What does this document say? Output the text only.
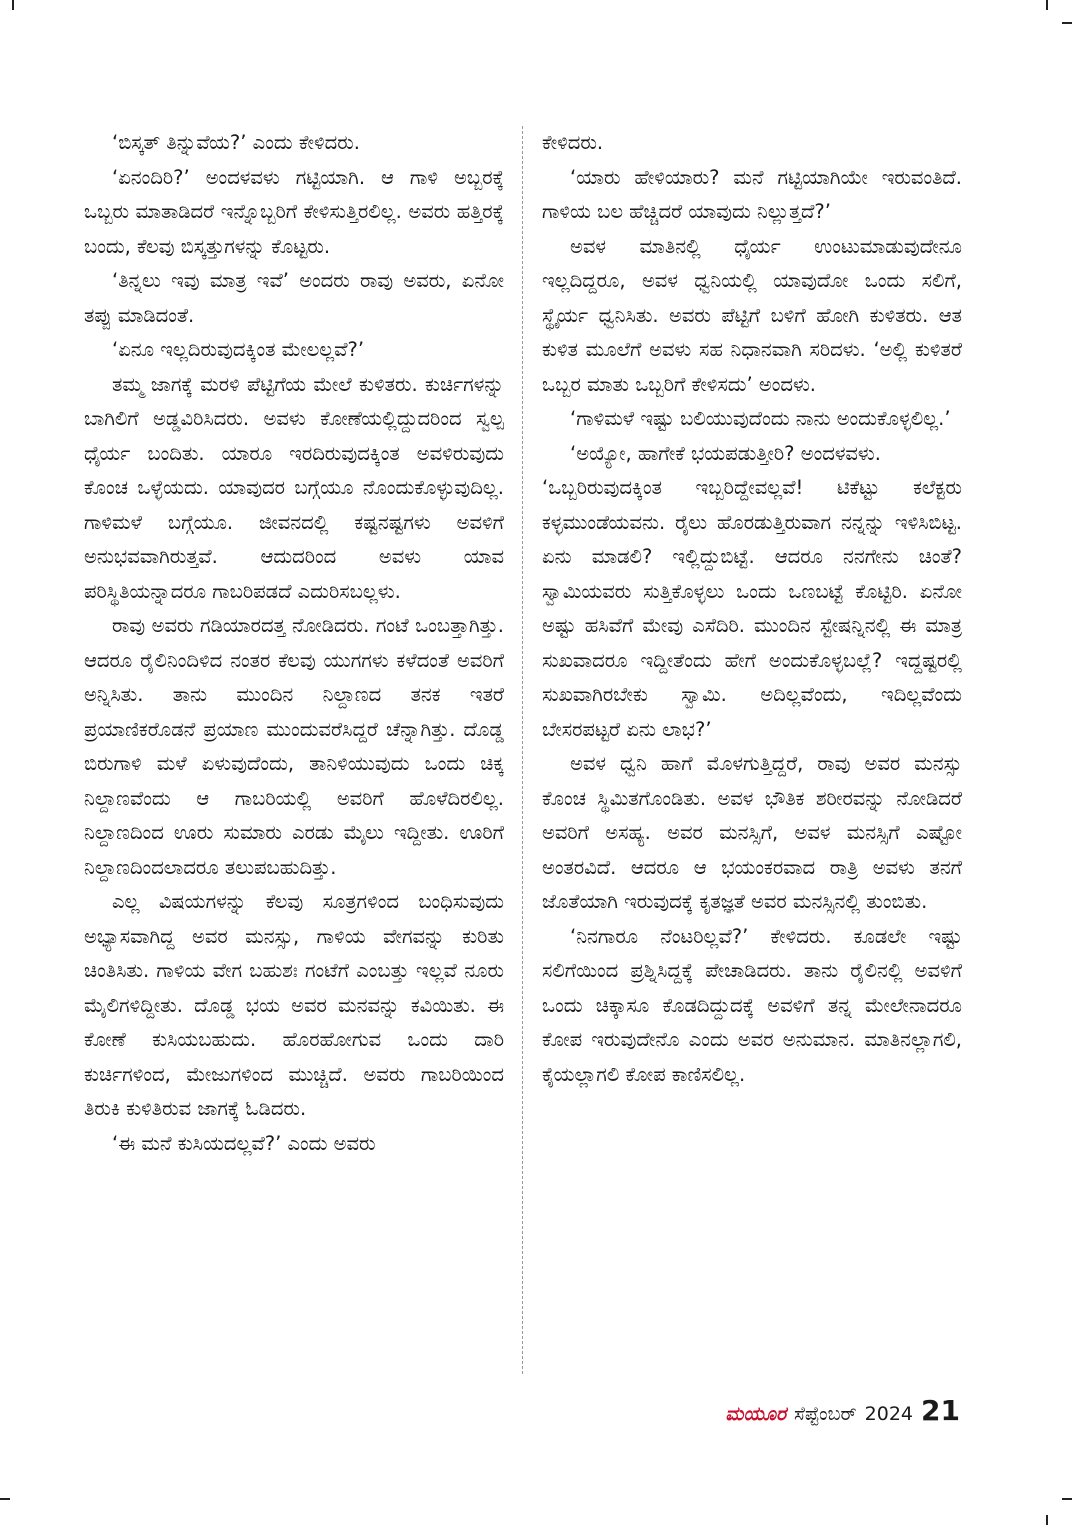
‘ಬಿಸ್ಕತ್ ತಿನ್ನುವೆಯ?’ ಎಂದು ಕೇಳಿದರು.

‘ಏನಂದಿರಿ?’ ಅಂದಳವಳು ಗಟ್ಟಿಯಾಗಿ. ಆ ಗಾಳಿ ಅಬ್ಬರಕ್ಕೆ ಒಬ್ಬರು ಮಾತಾಡಿದರೆ ಇನ್ನೊಬ್ಬರಿಗೆ ಕೇಳಿಸುತ್ತಿರಲಿಲ್ಲ. ಅವರು ಹತ್ತಿರಕ್ಕೆ ಬಂದು, ಕೆಲವು ಬಿಸ್ಕತ್ತುಗಳನ್ನು ಕೊಟ್ಟರು.

‘ತಿನ್ನಲು ಇವು ಮಾತ್ರ ಇವೆ’ ಅಂದರು ರಾವು ಅವರು, ಏನೋ ತಪ್ಪು ಮಾಡಿದಂತೆ.

‘ಏನೂ ಇಲ್ಲದಿರುವುದಕ್ಕಿಂತ ಮೇಲಲ್ಲವೆ?’

ತಮ್ಮ ಜಾಗಕ್ಕೆ ಮರಳಿ ಪೆಟ್ಟಿಗೆಯ ಮೇಲೆ ಕುಳಿತರು. ಕುರ್ಚಿಗಳನ್ನು ಬಾಗಿಲಿಗೆ ಅಡ್ಡವಿರಿಸಿದರು. ಅವಳು ಕೋಣೆಯಲ್ಲಿದ್ದುದರಿಂದ ಸ್ವಲ್ಪ ಧೈರ್ಯ ಬಂದಿತು. ಯಾರೂ ಇರದಿರುವುದಕ್ಕಿಂತ ಅವಳಿರುವುದು ಕೊಂಚ ಒಳ್ಳೆಯದು. ಯಾವುದರ ಬಗ್ಗೆಯೂ ನೊಂದುಕೊಳ್ಳುವುದಿಲ್ಲ. ಗಾಳಿಮಳೆ ಬಗ್ಗೆಯೂ. ಜೀವನದಲ್ಲಿ ಕಷ್ಟನಷ್ಟಗಳು ಅವಳಿಗೆ ಅನುಭವವಾಗಿರುತ್ತವೆ. ಆದುದರಿಂದ ಅವಳು ಯಾವ ಪರಿಸ್ಥಿತಿಯನ್ನಾದರೂ ಗಾಬರಿಪಡದೆ ಎದುರಿಸಬಲ್ಲಳು.

ರಾವು ಅವರು ಗಡಿಯಾರದತ್ತ ನೋಡಿದರು. ಗಂಟೆ ಒಂಬತ್ತಾಗಿತ್ತು. ಆದರೂ ರೈಲಿನಿಂದಿಳಿದ ನಂತರ ಕೆಲವು ಯುಗಗಳು ಕಳೆದಂತೆ ಅವರಿಗೆ ಅನ್ನಿಸಿತು. ತಾನು ಮುಂದಿನ ನಿಲ್ದಾಣದ ತನಕ ಇತರೆ ಪ್ರಯಾಣಿಕರೊಡನೆ ಪ್ರಯಾಣ ಮುಂದುವರೆಸಿದ್ದರೆ ಚೆನ್ನಾಗಿತ್ತು. ದೊಡ್ಡ ಬಿರುಗಾಳಿ ಮಳೆ ಏಳುವುದೆಂದು, ತಾನಿಳಿಯುವುದು ಒಂದು ಚಿಕ್ಕ ನಿಲ್ದಾಣವೆಂದು ಆ ಗಾಬರಿಯಲ್ಲಿ ಅವರಿಗೆ ಹೊಳೆದಿರಲಿಲ್ಲ. ನಿಲ್ದಾಣದಿಂದ ಊರು ಸುಮಾರು ಎರಡು ಮೈಲು ಇದ್ದೀತು. ಊರಿಗೆ ನಿಲ್ದಾಣದಿಂದಲಾದರೂ ತಲುಪಬಹುದಿತ್ತು.

ಎಲ್ಲ ವಿಷಯಗಳನ್ನು ಕೆಲವು ಸೂತ್ರಗಳಿಂದ ಬಂಧಿಸುವುದು ಅಭ್ಯಾಸವಾಗಿದ್ದ ಅವರ ಮನಸ್ಸು, ಗಾಳಿಯ ವೇಗವನ್ನು ಕುರಿತು ಚಿಂತಿಸಿತು. ಗಾಳಿಯ ವೇಗ ಬಹುಶಃ ಗಂಟೆಗೆ ಎಂಬತ್ತು ಇಲ್ಲವೆ ನೂರು ಮೈಲಿಗಳಿದ್ದೀತು. ದೊಡ್ಡ ಭಯ ಅವರ ಮನವನ್ನು ಕವಿಯಿತು. ಈ ಕೋಣೆ ಕುಸಿಯಬಹುದು. ಹೊರಹೋಗುವ ಒಂದು ದಾರಿ ಕುರ್ಚಿಗಳಿಂದ, ಮೇಜುಗಳಿಂದ ಮುಚ್ಚಿದೆ. ಅವರು ಗಾಬರಿಯಿಂದ ತಿರುಕಿ ಕುಳಿತಿರುವ ಜಾಗಕ್ಕೆ ಓಡಿದರು.

‘ಈ ಮನೆ ಕುಸಿಯದಲ್ಲವೆ?’ ಎಂದು ಅವರು

ಕೇಳಿದರು.

‘ಯಾರು ಹೇಳಿಯಾರು? ಮನೆ ಗಟ್ಟಿಯಾಗಿಯೇ ಇರುವಂತಿದೆ. ಗಾಳಿಯ ಬಲ ಹೆಚ್ಚಿದರೆ ಯಾವುದು ನಿಲ್ಲುತ್ತದೆ?’

ಅವಳ ಮಾತಿನಲ್ಲಿ ಧೈರ್ಯ ಉಂಟುಮಾಡುವುದೇನೂ ಇಲ್ಲದಿದ್ದರೂ, ಅವಳ ಧ್ವನಿಯಲ್ಲಿ ಯಾವುದೋ ಒಂದು ಸಲಿಗೆ, ಸ್ಥೈರ್ಯ ಧ್ವನಿಸಿತು. ಅವರು ಪೆಟ್ಟಿಗೆ ಬಳಿಗೆ ಹೋಗಿ ಕುಳಿತರು. ಆತ ಕುಳಿತ ಮೂಲೆಗೆ ಅವಳು ಸಹ ನಿಧಾನವಾಗಿ ಸರಿದಳು. ‘ಅಲ್ಲಿ ಕುಳಿತರೆ ಒಬ್ಬರ ಮಾತು ಒಬ್ಬರಿಗೆ ಕೇಳಿಸದು’ ಅಂದಳು.

‘ಗಾಳಿಮಳೆ ಇಷ್ಟು ಬಲಿಯುವುದೆಂದು ನಾನು ಅಂದುಕೊಳ್ಳಲಿಲ್ಲ.’

‘ಅಯ್ಯೋ, ಹಾಗೇಕೆ ಭಯಪಡುತ್ತೀರಿ? ಅಂದಳವಳು.

‘ಒಬ್ಬರಿರುವುದಕ್ಕಿಂತ ಇಬ್ಬರಿದ್ದೇವಲ್ಲವೆ! ಟಿಕೆಟ್ಟು ಕಲೆಕ್ಟರು ಕಳ್ಳಮುಂಡೆಯವನು. ರೈಲು ಹೊರಡುತ್ತಿರುವಾಗ ನನ್ನನ್ನು ಇಳಿಸಿಬಿಟ್ಟ. ಏನು ಮಾಡಲಿ? ಇಲ್ಲಿದ್ದುಬಿಟ್ಟೆ. ಆದರೂ ನನಗೇನು ಚಿಂತೆ? ಸ್ವಾಮಿಯವರು ಸುತ್ತಿಕೊಳ್ಳಲು ಒಂದು ಒಣಬಟ್ಟೆ ಕೊಟ್ಟಿರಿ. ಏನೋ ಅಷ್ಟು ಹಸಿವೆಗೆ ಮೇವು ಎಸೆದಿರಿ. ಮುಂದಿನ ಸ್ಟೇಷನ್ನಿನಲ್ಲಿ ಈ ಮಾತ್ರ ಸುಖವಾದರೂ ಇದ್ದೀತೆಂದು ಹೇಗೆ ಅಂದುಕೊಳ್ಳಬಲ್ಲೆ? ಇದ್ದಷ್ಟರಲ್ಲಿ ಸುಖವಾಗಿರಬೇಕು ಸ್ವಾಮಿ. ಅದಿಲ್ಲವೆಂದು, ಇದಿಲ್ಲವೆಂದು ಬೇಸರಪಟ್ಟರೆ ಏನು ಲಾಭ?’

ಅವಳ ಧ್ವನಿ ಹಾಗೆ ಮೊಳಗುತ್ತಿದ್ದರೆ, ರಾವು ಅವರ ಮನಸ್ಸು ಕೊಂಚ ಸ್ಥಿಮಿತಗೊಂಡಿತು. ಅವಳ ಭೌತಿಕ ಶರೀರವನ್ನು ನೋಡಿದರೆ ಅವರಿಗೆ ಅಸಹ್ಯ. ಅವರ ಮನಸ್ಸಿಗೆ, ಅವಳ ಮನಸ್ಸಿಗೆ ಎಷ್ಟೋ ಅಂತರವಿದೆ. ಆದರೂ ಆ ಭಯಂಕರವಾದ ರಾತ್ರಿ ಅವಳು ತನಗೆ ಜೊತೆಯಾಗಿ ಇರುವುದಕ್ಕೆ ಕೃತಜ್ಞತೆ ಅವರ ಮನಸ್ಸಿನಲ್ಲಿ ತುಂಬಿತು.

‘ನಿನಗಾರೂ ನೆಂಟರಿಲ್ಲವೆ?’ ಕೇಳಿದರು. ಕೂಡಲೇ ಇಷ್ಟು ಸಲಿಗೆಯಿಂದ ಪ್ರಶ್ನಿಸಿದ್ದಕ್ಕೆ ಪೇಚಾಡಿದರು. ತಾನು ರೈಲಿನಲ್ಲಿ ಅವಳಿಗೆ ಒಂದು ಚಿಕ್ಕಾಸೂ ಕೊಡದಿದ್ದುದಕ್ಕೆ ಅವಳಿಗೆ ತನ್ನ ಮೇಲೇನಾದರೂ ಕೋಪ ಇರುವುದೇನೊ ಎಂದು ಅವರ ಅನುಮಾನ. ಮಾತಿನಲ್ಲಾಗಲಿ, ಕೈಯಲ್ಲಾಗಲಿ ಕೋಪ ಕಾಣಿಸಲಿಲ್ಲ.

ಮಯೂರ ಸೆಪ್ಟೆಂಬರ್ 2024 21
